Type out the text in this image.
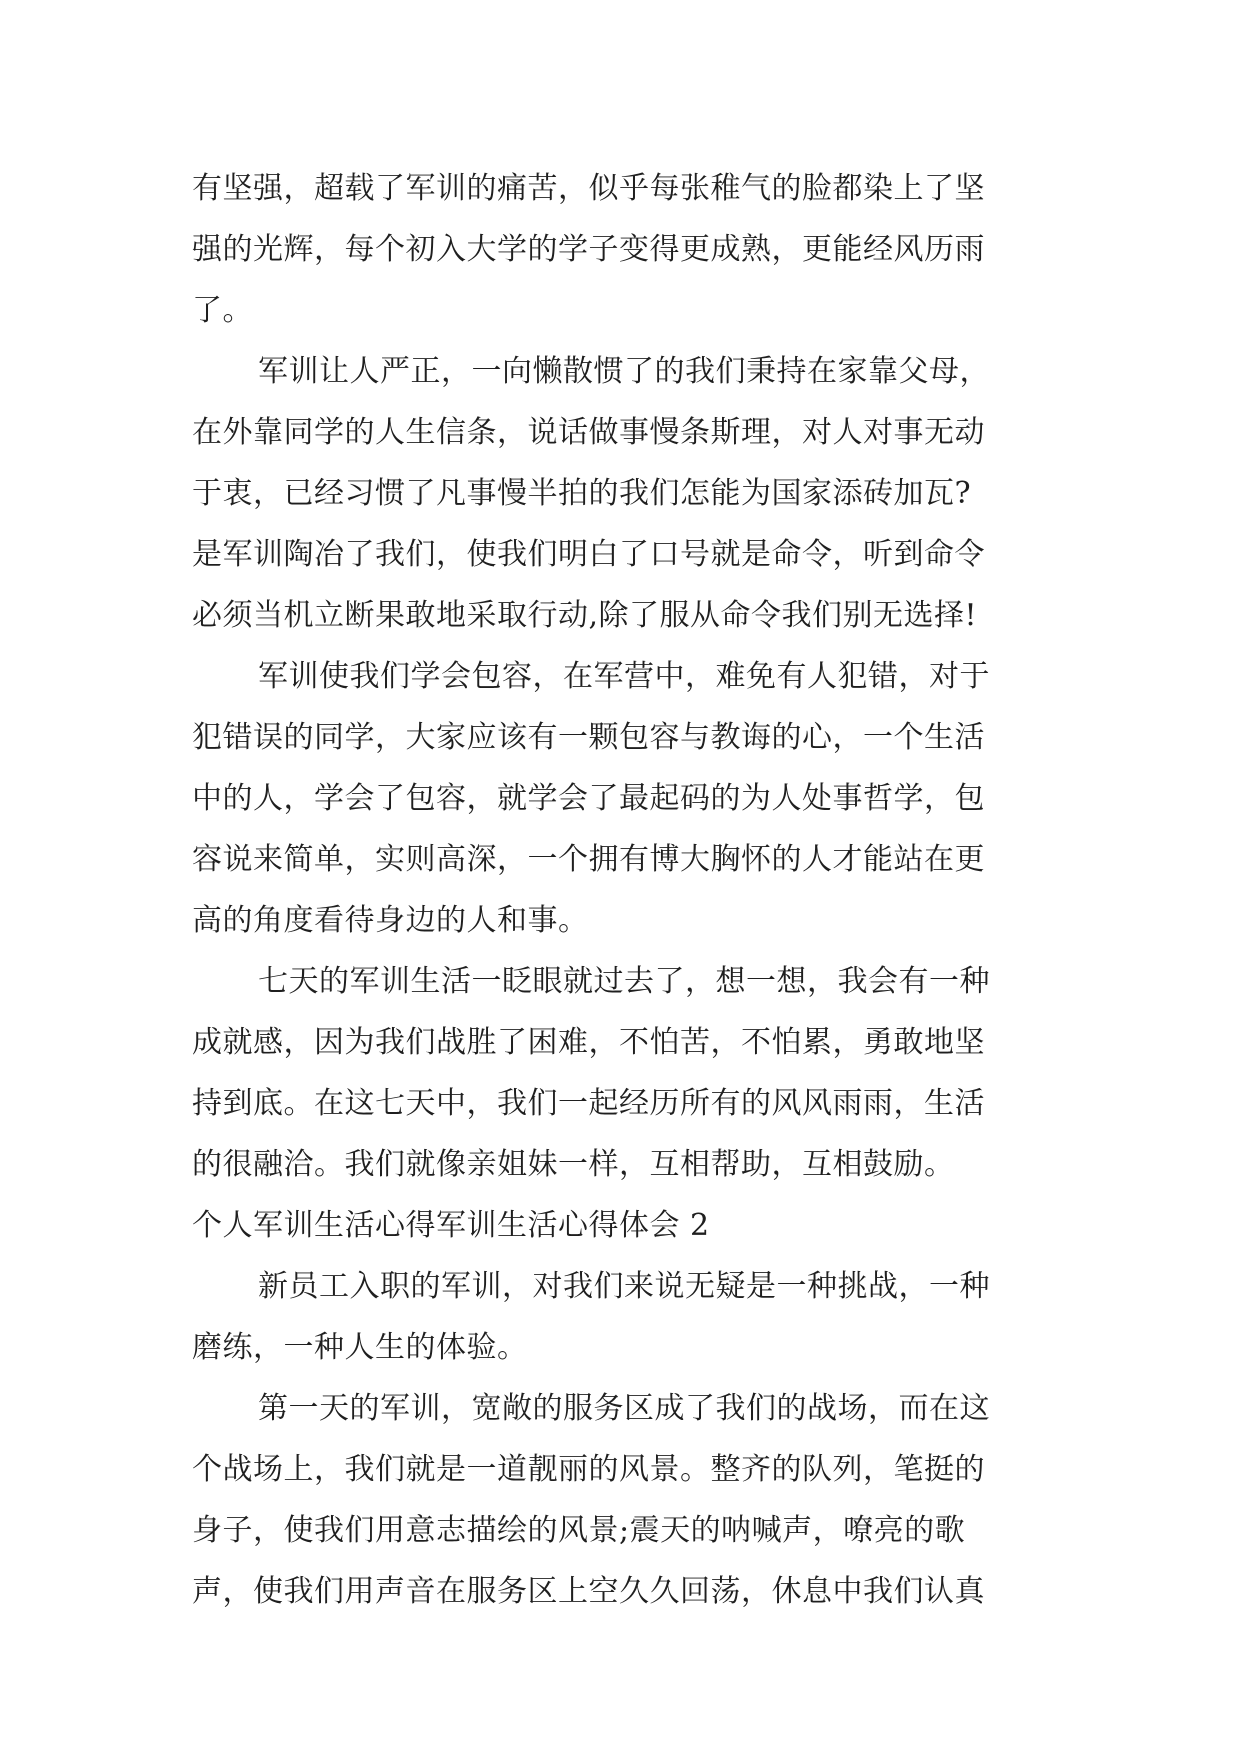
有坚强，超载了军训的痛苦，似乎每张稚气的脸都染上了坚
强的光辉，每个初入大学的学子变得更成熟，更能经风历雨
了。
军训让人严正，一向懒散惯了的我们秉持在家靠父母，
在外靠同学的人生信条，说话做事慢条斯理，对人对事无动
于衷，已经习惯了凡事慢半拍的我们怎能为国家添砖加瓦?
是军训陶冶了我们，使我们明白了口号就是命令，听到命令
必须当机立断果敢地采取行动,除了服从命令我们别无选择!
军训使我们学会包容，在军营中，难免有人犯错，对于
犯错误的同学，大家应该有一颗包容与教诲的心，一个生活
中的人，学会了包容，就学会了最起码的为人处事哲学，包
容说来简单，实则高深，一个拥有博大胸怀的人才能站在更
高的角度看待身边的人和事。
七天的军训生活一眨眼就过去了，想一想，我会有一种
成就感，因为我们战胜了困难，不怕苦，不怕累，勇敢地坚
持到底。在这七天中，我们一起经历所有的风风雨雨，生活
的很融洽。我们就像亲姐妹一样，互相帮助，互相鼓励。
个人军训生活心得军训生活心得体会 2
新员工入职的军训，对我们来说无疑是一种挑战，一种
磨练，一种人生的体验。
第一天的军训，宽敞的服务区成了我们的战场，而在这
个战场上，我们就是一道靓丽的风景。整齐的队列，笔挺的
身子，使我们用意志描绘的风景;震天的呐喊声，嘹亮的歌
声，使我们用声音在服务区上空久久回荡，休息中我们认真
